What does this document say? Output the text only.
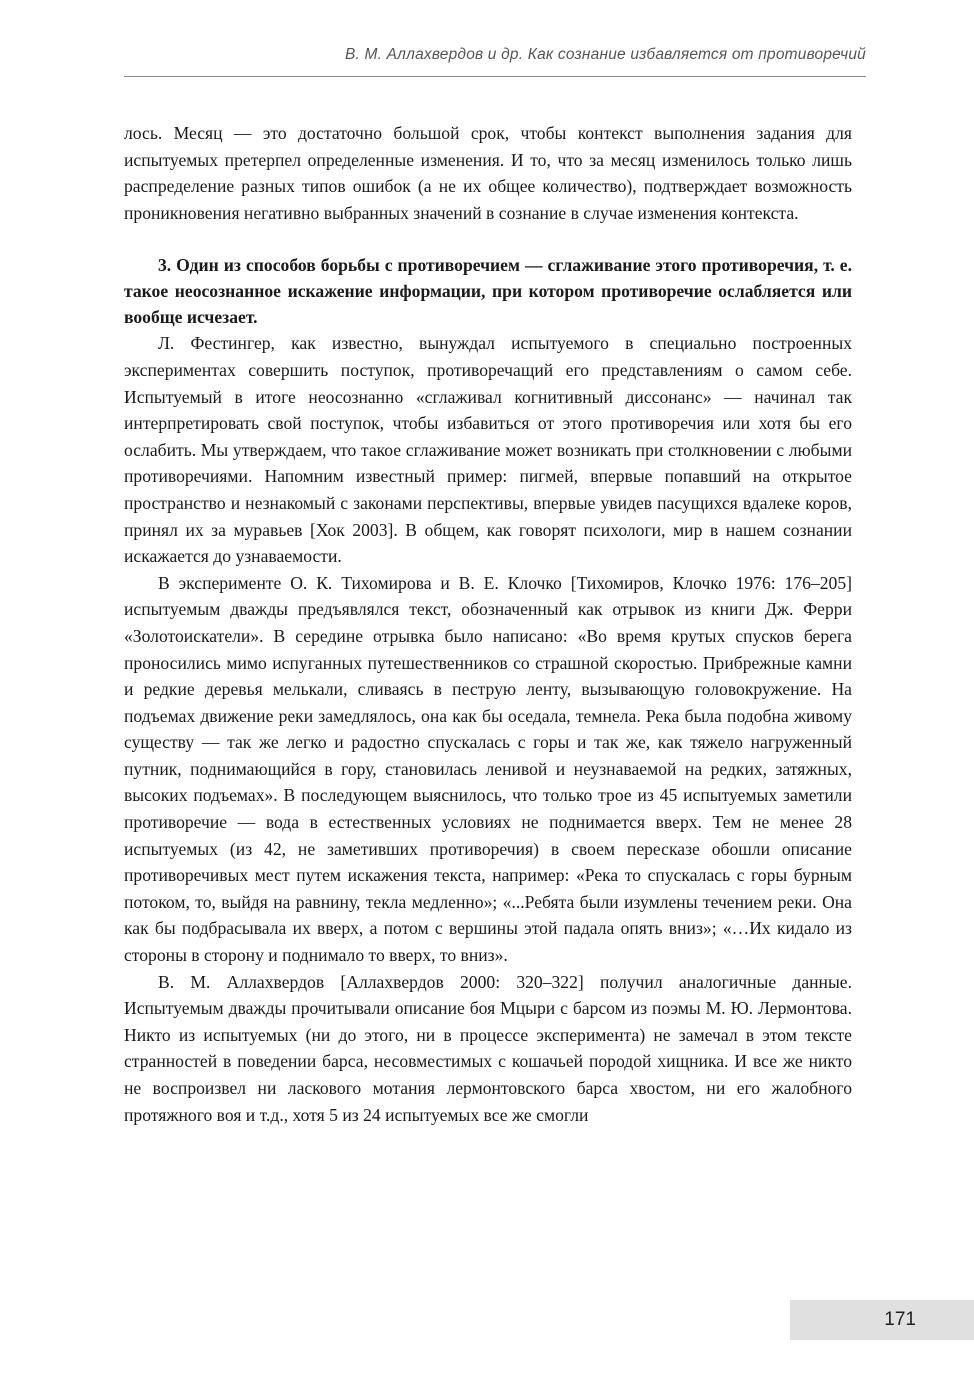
В. М. Аллахвердов и др. Как сознание избавляется от противоречий

лось. Месяц — это достаточно большой срок, чтобы контекст выполнения задания для испытуемых претерпел определенные изменения. И то, что за месяц изменилось только лишь распределение разных типов ошибок (а не их общее количество), подтверждает возможность проникновения негативно выбранных значений в сознание в случае изменения контекста.

3. Один из способов борьбы с противоречием — сглаживание этого противоречия, т. е. такое неосознанное искажение информации, при котором противоречие ослабляется или вообще исчезает.

Л. Фестингер, как известно, вынуждал испытуемого в специально построенных экспериментах совершить поступок, противоречащий его представлениям о самом себе. Испытуемый в итоге неосознанно «сглаживал когнитивный диссонанс» — начинал так интерпретировать свой поступок, чтобы избавиться от этого противоречия или хотя бы его ослабить. Мы утверждаем, что такое сглаживание может возникать при столкновении с любыми противоречиями. Напомним известный пример: пигмей, впервые попавший на открытое пространство и незнакомый с законами перспективы, впервые увидев пасущихся вдалеке коров, принял их за муравьев [Хок 2003]. В общем, как говорят психологи, мир в нашем сознании искажается до узнаваемости.

В эксперименте О. К. Тихомирова и В. Е. Клочко [Тихомиров, Клочко 1976: 176–205] испытуемым дважды предъявлялся текст, обозначенный как отрывок из книги Дж. Ферри «Золотоискатели». В середине отрывка было написано: «Во время крутых спусков берега проносились мимо испуганных путешественников со страшной скоростью. Прибрежные камни и редкие деревья мелькали, сливаясь в пеструю ленту, вызывающую головокружение. На подъемах движение реки замедлялось, она как бы оседала, темнела. Река была подобна живому существу — так же легко и радостно спускалась с горы и так же, как тяжело нагруженный путник, поднимающийся в гору, становилась ленивой и неузнаваемой на редких, затяжных, высоких подъемах». В последующем выяснилось, что только трое из 45 испытуемых заметили противоречие — вода в естественных условиях не поднимается вверх. Тем не менее 28 испытуемых (из 42, не заметивших противоречия) в своем пересказе обошли описание противоречивых мест путем искажения текста, например: «Река то спускалась с горы бурным потоком, то, выйдя на равнину, текла медленно»; «...Ребята были изумлены течением реки. Она как бы подбрасывала их вверх, а потом с вершины этой падала опять вниз»; «…Их кидало из стороны в сторону и поднимало то вверх, то вниз».

В. М. Аллахвердов [Аллахвердов 2000: 320–322] получил аналогичные данные. Испытуемым дважды прочитывали описание боя Мцыри с барсом из поэмы М. Ю. Лермонтова. Никто из испытуемых (ни до этого, ни в процессе эксперимента) не замечал в этом тексте странностей в поведении барса, несовместимых с кошачьей породой хищника. И все же никто не воспроизвел ни ласкового мотания лермонтовского барса хвостом, ни его жалобного протяжного воя и т.д., хотя 5 из 24 испытуемых все же смогли

171
